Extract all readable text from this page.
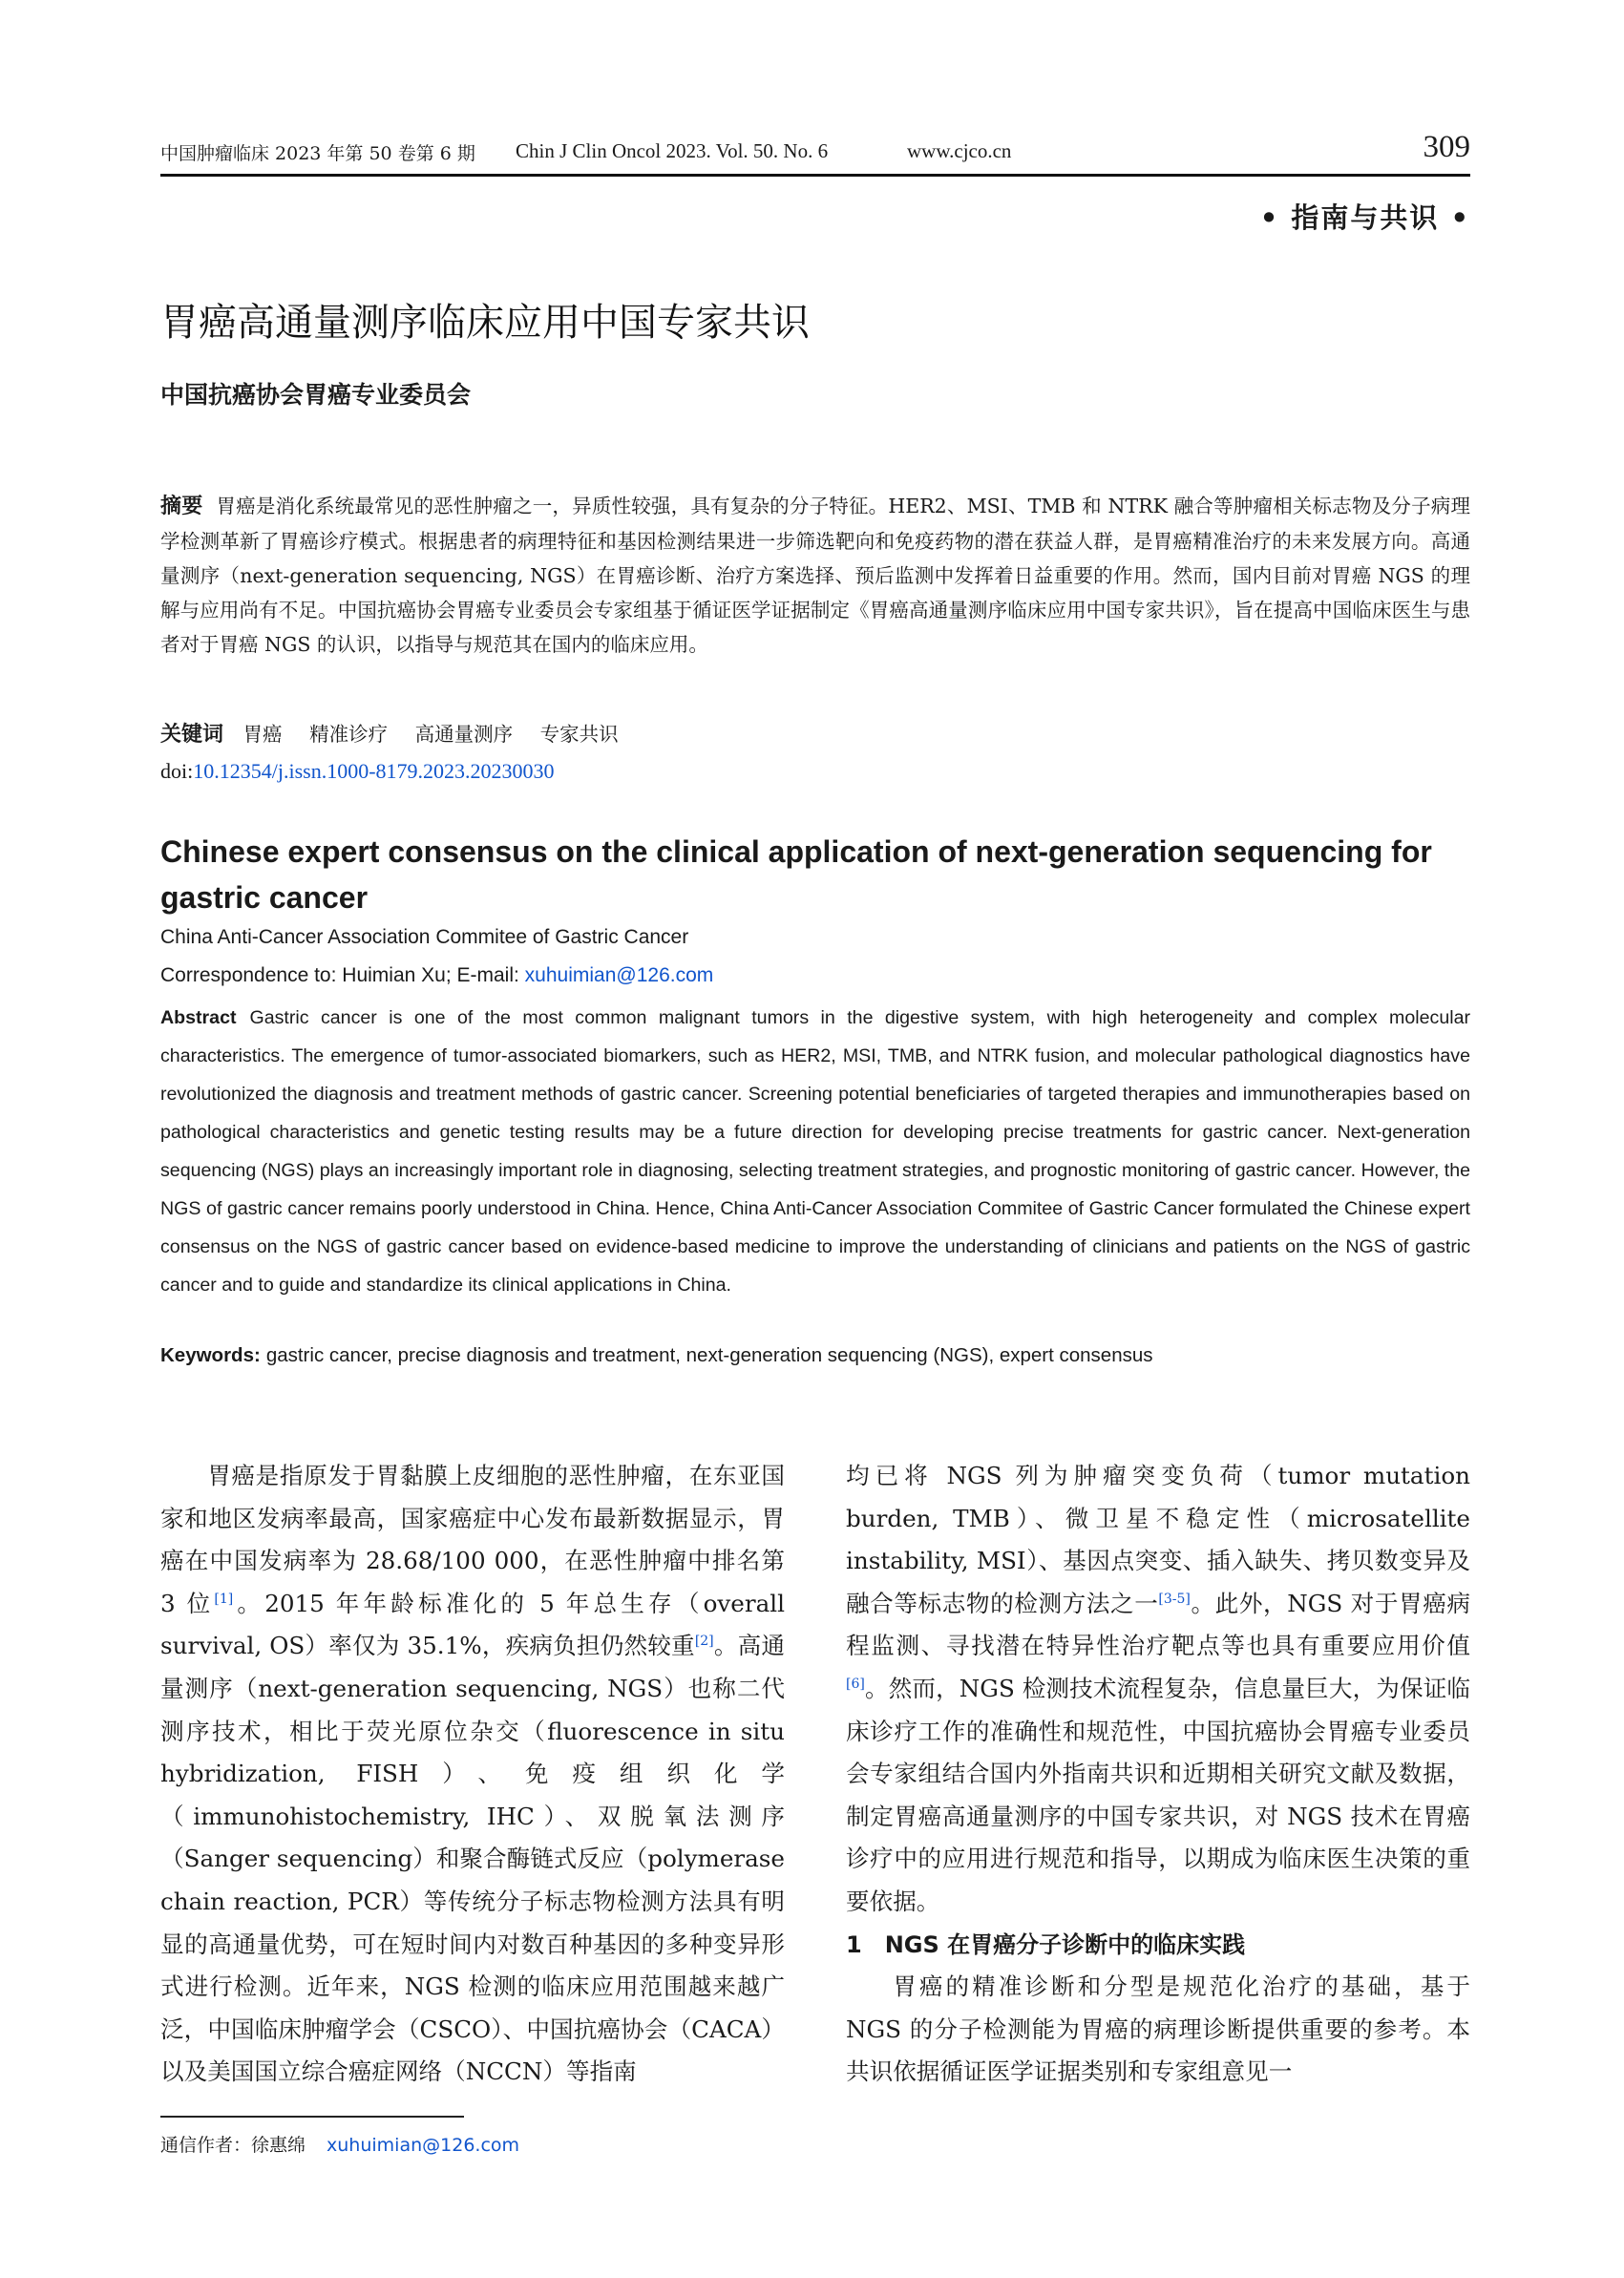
中国肿瘤临床 2023 年第 50 卷第 6 期 Chin J Clin Oncol 2023. Vol. 50. No. 6	www.cjco.cn	309
• 指南与共识 •
胃癌高通量测序临床应用中国专家共识
中国抗癌协会胃癌专业委员会

摘要 胃癌是消化系统最常见的恶性肿瘤之一，异质性较强，具有复杂的分子特征。HER2、MSI、TMB 和 NTRK 融合等肿瘤相关标志物及分子病理学检测革新了胃癌诊疗模式。根据患者的病理特征和基因检测结果进一步筛选靶向和免疫药物的潜在获益人群，是胃癌精准治疗的未来发展方向。高通量测序（next-generation sequencing, NGS）在胃癌诊断、治疗方案选择、预后监测中发挥着日益重要的作用。然而，国内目前对胃癌 NGS 的理解与应用尚有不足。中国抗癌协会胃癌专业委员会专家组基于循证医学证据制定《胃癌高通量测序临床应用中国专家共识》，旨在提高中国临床医生与患者对于胃癌 NGS 的认识，以指导与规范其在国内的临床应用。

关键词 胃癌 精准诊疗 高通量测序 专家共识
doi:10.12354/j.issn.1000-8179.2023.20230030

Chinese expert consensus on the clinical application of next-generation sequencing for gastric cancer

China Anti-Cancer Association Commitee of Gastric Cancer
Correspondence to: Huimian Xu; E-mail: xuhuimian@126.com

Abstract Gastric cancer is one of the most common malignant tumors in the digestive system, with high heterogeneity and complex molecular characteristics. The emergence of tumor-associated biomarkers, such as HER2, MSI, TMB, and NTRK fusion, and molecular pathological diagnostics have revolutionized the diagnosis and treatment methods of gastric cancer. Screening potential beneficiaries of targeted therapies and immunotherapies based on pathological characteristics and genetic testing results may be a future direction for developing precise treatments for gastric cancer. Next-generation sequencing (NGS) plays an increasingly important role in diagnosing, selecting treatment strategies, and prognostic monitoring of gastric cancer. However, the NGS of gastric cancer remains poorly understood in China. Hence, China Anti-Cancer Association Commitee of Gastric Cancer formulated the Chinese expert consensus on the NGS of gastric cancer based on evidence-based medicine to improve the understanding of clinicians and patients on the NGS of gastric cancer and to guide and standardize its clinical applications in China.

Keywords: gastric cancer, precise diagnosis and treatment, next-generation sequencing (NGS), expert consensus

胃癌是指原发于胃黏膜上皮细胞的恶性肿瘤，在东亚国家和地区发病率最高，国家癌症中心发布最新数据显示，胃癌在中国发病率为 28.68/100 000，在恶性肿瘤中排名第 3 位[1]。2015 年年龄标准化的 5 年总生存（overall survival, OS）率仅为 35.1%，疾病负担仍然较重[2]。高通量测序（next-generation sequencing, NGS）也称二代测序技术，相比于荧光原位杂交（fluorescence in situ hybridization, FISH）、免疫组织化学（immunohistochemistry, IHC）、双脱氧法测序（Sanger sequencing）和聚合酶链式反应（polymerase chain reaction, PCR）等传统分子标志物检测方法具有明显的高通量优势，可在短时间内对数百种基因的多种变异形式进行检测。近年来，NGS 检测的临床应用范围越来越广泛，中国临床肿瘤学会（CSCO）、中国抗癌协会（CACA）以及美国国立综合癌症网络（NCCN）等指南

均已将 NGS 列为肿瘤突变负荷（tumor mutation burden, TMB）、微卫星不稳定性（microsatellite instability, MSI）、基因点突变、插入缺失、拷贝数变异及融合等标志物的检测方法之一[3-5]。此外，NGS 对于胃癌病程监测、寻找潜在特异性治疗靶点等也具有重要应用价值[6]。然而，NGS 检测技术流程复杂，信息量巨大，为保证临床诊疗工作的准确性和规范性，中国抗癌协会胃癌专业委员会专家组结合国内外指南共识和近期相关研究文献及数据，制定胃癌高通量测序的中国专家共识，对 NGS 技术在胃癌诊疗中的应用进行规范和指导，以期成为临床医生决策的重要依据。

1　NGS 在胃癌分子诊断中的临床实践

胃癌的精准诊断和分型是规范化治疗的基础，基于 NGS 的分子检测能为胃癌的病理诊断提供重要的参考。本共识依据循证医学证据类别和专家组意见一

通信作者：徐惠绵 xuhuimian@126.com
